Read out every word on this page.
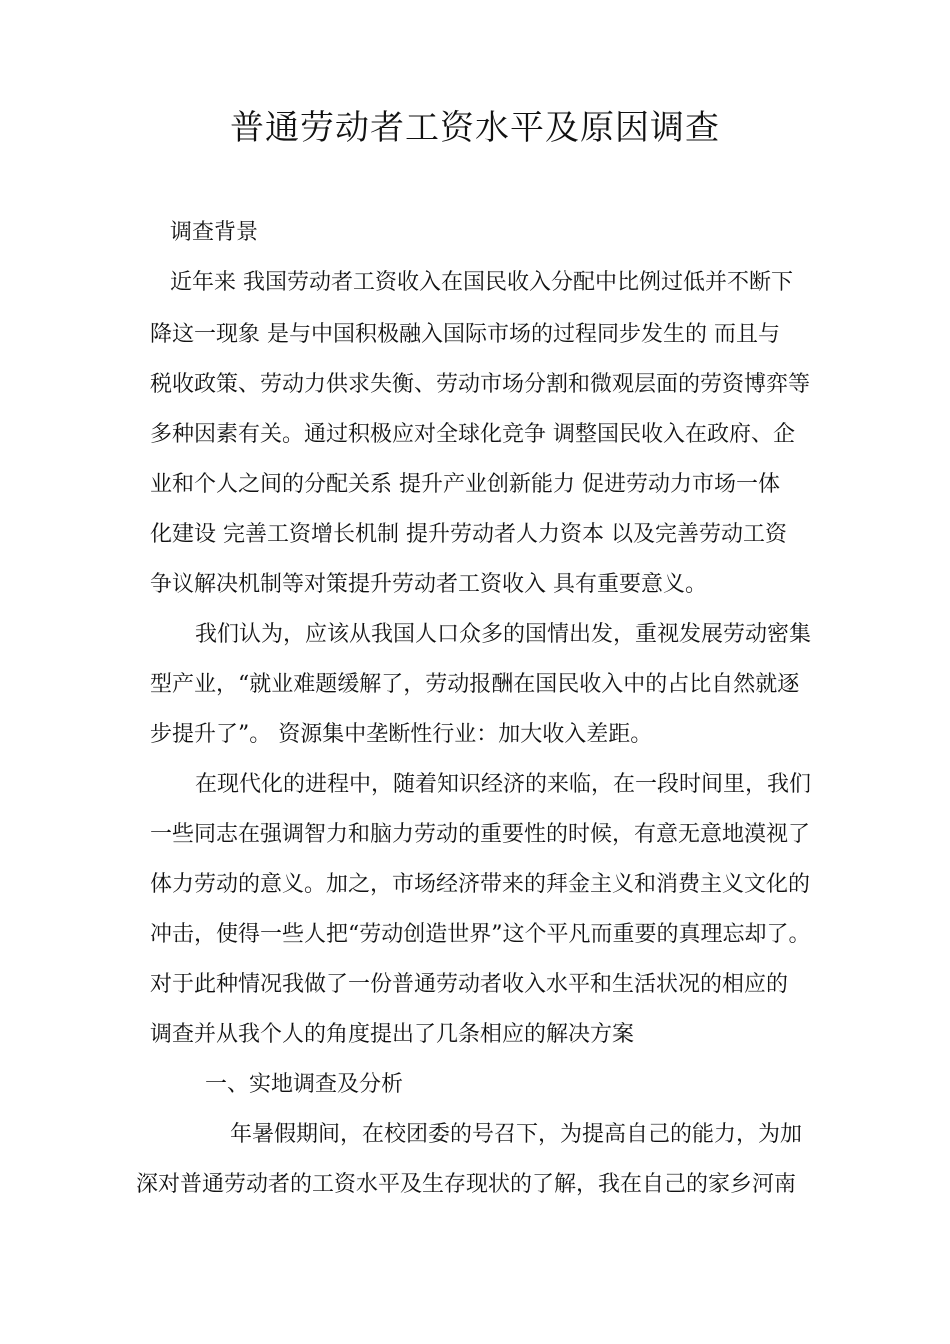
普通劳动者工资水平及原因调查
调查背景
近年来 我国劳动者工资收入在国民收入分配中比例过低并不断下
降这一现象 是与中国积极融入国际市场的过程同步发生的 而且与
税收政策、劳动力供求失衡、劳动市场分割和微观层面的劳资博弈等
多种因素有关。通过积极应对全球化竞争 调整国民收入在政府、企
业和个人之间的分配关系 提升产业创新能力 促进劳动力市场一体
化建设 完善工资增长机制 提升劳动者人力资本 以及完善劳动工资
争议解决机制等对策提升劳动者工资收入 具有重要意义。
我们认为，应该从我国人口众多的国情出发，重视发展劳动密集
型产业，“就业难题缓解了，劳动报酬在国民收入中的占比自然就逐
步提升了”。 资源集中垄断性行业：加大收入差距。
在现代化的进程中，随着知识经济的来临，在一段时间里，我们
一些同志在强调智力和脑力劳动的重要性的时候，有意无意地漠视了
体力劳动的意义。加之，市场经济带来的拜金主义和消费主义文化的
冲击，使得一些人把“劳动创造世界”这个平凡而重要的真理忘却了。
对于此种情况我做了一份普通劳动者收入水平和生活状况的相应的
调查并从我个人的角度提出了几条相应的解决方案
一、实地调查及分析
年暑假期间，在校团委的号召下，为提高自己的能力，为加
深对普通劳动者的工资水平及生存现状的了解，我在自己的家乡河南
